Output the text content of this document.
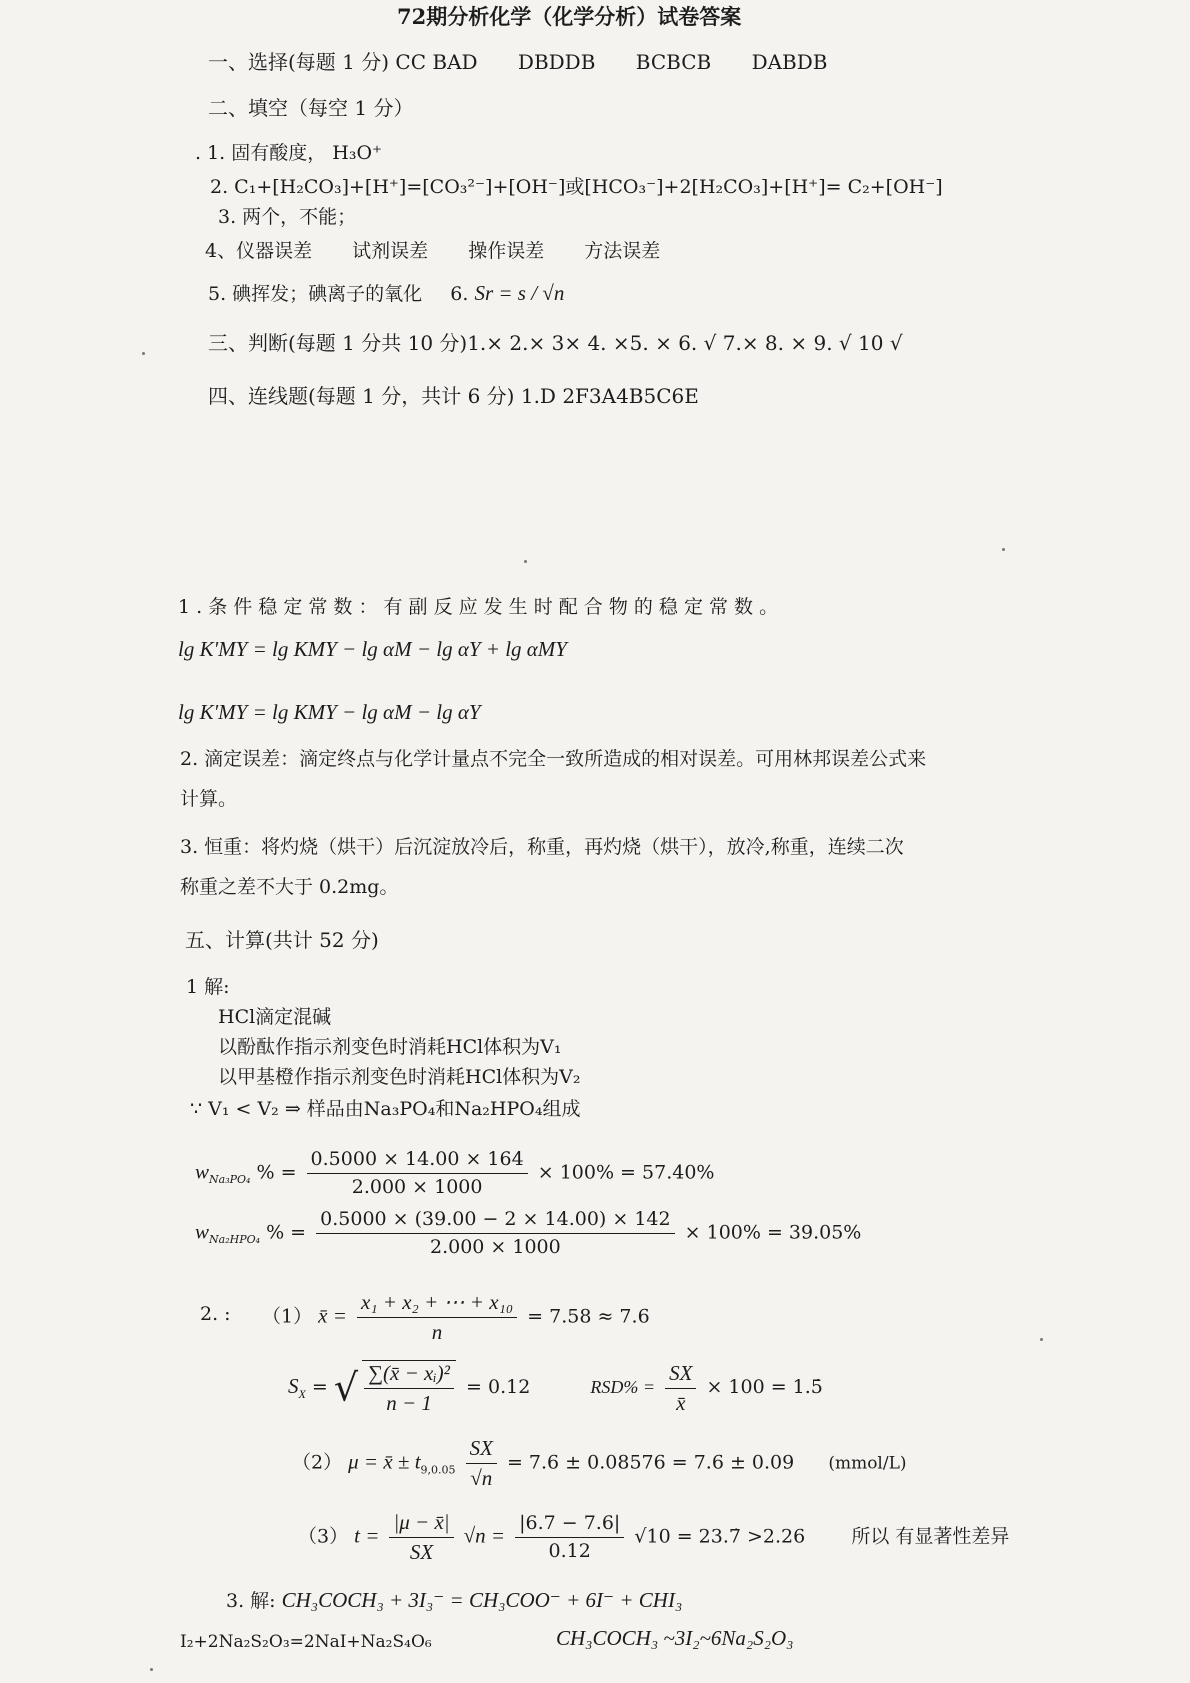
72期分析化学（化学分析）试卷答案
一、选择(每题 1 分) CC BAD DBDDB BCBCB DABDB
二、填空（每空 1 分）
. 1. 固有酸度， H₃O⁺
2. C₁+[H₂CO₃]+[H⁺]=[CO₃²⁻]+[OH⁻]或[HCO₃⁻]+2[H₂CO₃]+[H⁺]= C₂+[OH⁻]
3. 两个，不能；
4、仪器误差 试剂误差 操作误差 方法误差
5. 碘挥发；碘离子的氧化 6. Sr = s / √n
三、判断(每题 1 分共 10 分)1.× 2.× 3× 4. ×5. × 6. √ 7.× 8. × 9. √ 10 √
四、连线题(每题 1 分，共计 6 分) 1.D 2F3A4B5C6E
1 . 条 件 稳 定 常 数 ： 有 副 反 应 发 生 时 配 合 物 的 稳 定 常 数 。
lg K′MY = lg KMY − lg αM − lg αY + lg αMY
lg K′MY = lg KMY − lg αM − lg αY
2. 滴定误差：滴定终点与化学计量点不完全一致所造成的相对误差。可用林邦误差公式来
计算。
3. 恒重：将灼烧（烘干）后沉淀放冷后，称重，再灼烧（烘干），放冷,称重，连续二次
称重之差不大于 0.2mg。
五、计算(共计 52 分)
1 解:
HCl滴定混碱
以酚酞作指示剂变色时消耗HCl体积为V₁
以甲基橙作指示剂变色时消耗HCl体积为V₂
∵ V₁ < V₂ ⇒ 样品由Na₃PO₄和Na₂HPO₄组成
$w_{Na_3PO_4}$ % = $\frac{0.5000 \times 14.00 \times 164}{2.000 \times 1000} \times 100\% = 57.40\%$
$w_{Na_2HPO_4}$ % = $\frac{0.5000 \times (39.00 - 2 \times 14.00) \times 142}{2.000 \times 1000} \times 100\% = 39.05\%$
2. : （1） x̄ = $\frac{\text{x₁ + x₂ + ⋯ + x₁₀}}{n} = 7.58 \approx 7.6$
$S_X$ = √ $\frac{\text{∑(x̄ − xᵢ)²}}{n - 1} = 0.12$	$RSD\% = \frac{SX}{x̄} \times 100$ = 1.5̇
（2） μ = x̄ ± $t_{9,0.05} \frac{SX}{√n} = 7.6 \pm 0.08576 = 7.6 \pm 0.09$ (mmol/L)
（3） $t = \frac{|\mu - x̄|}{SX} √n = \frac{|6.7 - 7.6|}{0.12} √10$ = 23.7̇ >2.26 所以 有显著性差异
3. 解: CH₃COCH₃ + 3I₃⁻ = CH₃COO⁻ + 6I⁻ + CHI₃
I₂+2Na₂S₂O₃=2NaI+Na₂S₄O₆	CH₃COCH₃ ~3I₂~6Na₂S₂O₃
